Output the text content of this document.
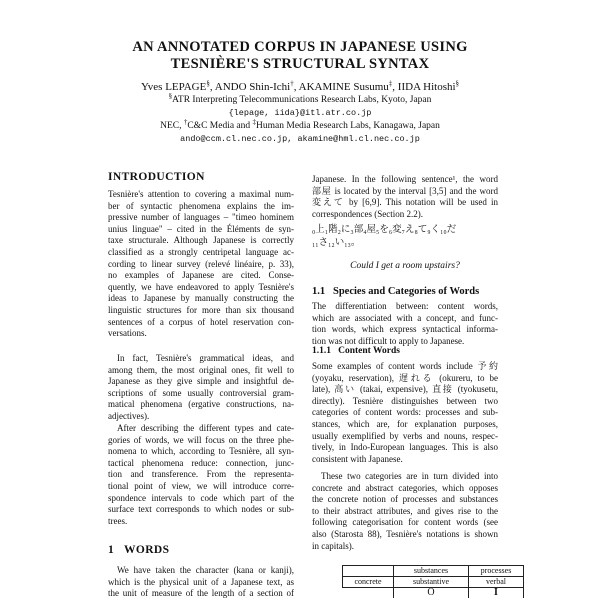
AN ANNOTATED CORPUS IN JAPANESE USING
TESNIÈRE'S STRUCTURAL SYNTAX
Yves LEPAGE§, ANDO Shin-Ichi†, AKAMINE Susumu‡, IIDA Hitoshi§
§ATR Interpreting Telecommunications Research Labs, Kyoto, Japan
{lepage, iida}@itl.atr.co.jp
NEC, †C&C Media and ‡Human Media Research Labs, Kanagawa, Japan
ando@ccm.cl.nec.co.jp, akamine@hml.cl.nec.co.jp
INTRODUCTION
Tesnière's attention to covering a maximal num-
ber of syntactic phenomena explains the im-
pressive number of languages – "timeo hominem
unius linguae" – cited in the Éléments de syn-
taxe structurale. Although Japanese is correctly
classified as a strongly centripetal language ac-
cording to linear survey (relevé linéaire, p. 33),
no examples of Japanese are cited. Conse-
quently, we have endeavored to apply Tesnière's
ideas to Japanese by manually constructing the
linguistic structures for more than six thousand
sentences of a corpus of hotel reservation con-
versations.
In fact, Tesnière's grammatical ideas, and
among them, the most original ones, fit well to
Japanese as they give simple and insightful de-
scriptions of some usually controversial gram-
matical phenomena (ergative constructions, na-
adjectives).
After describing the different types and cate-
gories of words, we will focus on the three phe-
nomena to which, according to Tesnière, all syn-
tactical phenomena reduce: connection, junc-
tion and transference. From the representa-
tional point of view, we will introduce corre-
spondence intervals to code which part of the
surface text corresponds to which nodes or sub-
trees.
1 WORDS
We have taken the character (kana or kanji),
which is the physical unit of a Japanese text, as
the unit of measure of the length of a section of
Japanese. In the following sentence¹, the word
部屋 is located by the interval [3,5] and the word
変えて by [6,9]. This notation will be used in
correspondences (Section 2.2).
₀上₁階₂に₃部₄屋₅を₆変₇え₈て₉く₁₀だ
₁₁さ₁₂い₁₃。
Could I get a room upstairs?
1.1 Species and Categories of Words
The differentiation between: content words,
which are associated with a concept, and func-
tion words, which express syntactical informa-
tion was not difficult to apply to Japanese.
1.1.1 Content Words
Some examples of content words include 予約
(yoyaku, reservation), 遅れる (okureru, to be
late), 高い (takai, expensive), 直接 (tyokusetu,
directly). Tesnière distinguishes between two
categories of content words: processes and sub-
stances, which are, for explanation purposes,
usually exemplified by verbs and nouns, respec-
tively, in Indo-European languages. This is also
consistent with Japanese.
These two categories are in turn divided into
concrete and abstract categories, which opposes
the concrete notion of processes and substances
to their abstract attributes, and gives rise to the
following categorisation for content words (see
also (Starosta 88), Tesnière's notations is shown
in capitals).
	substances	processes
concrete	substantive	verbal
	O	I
